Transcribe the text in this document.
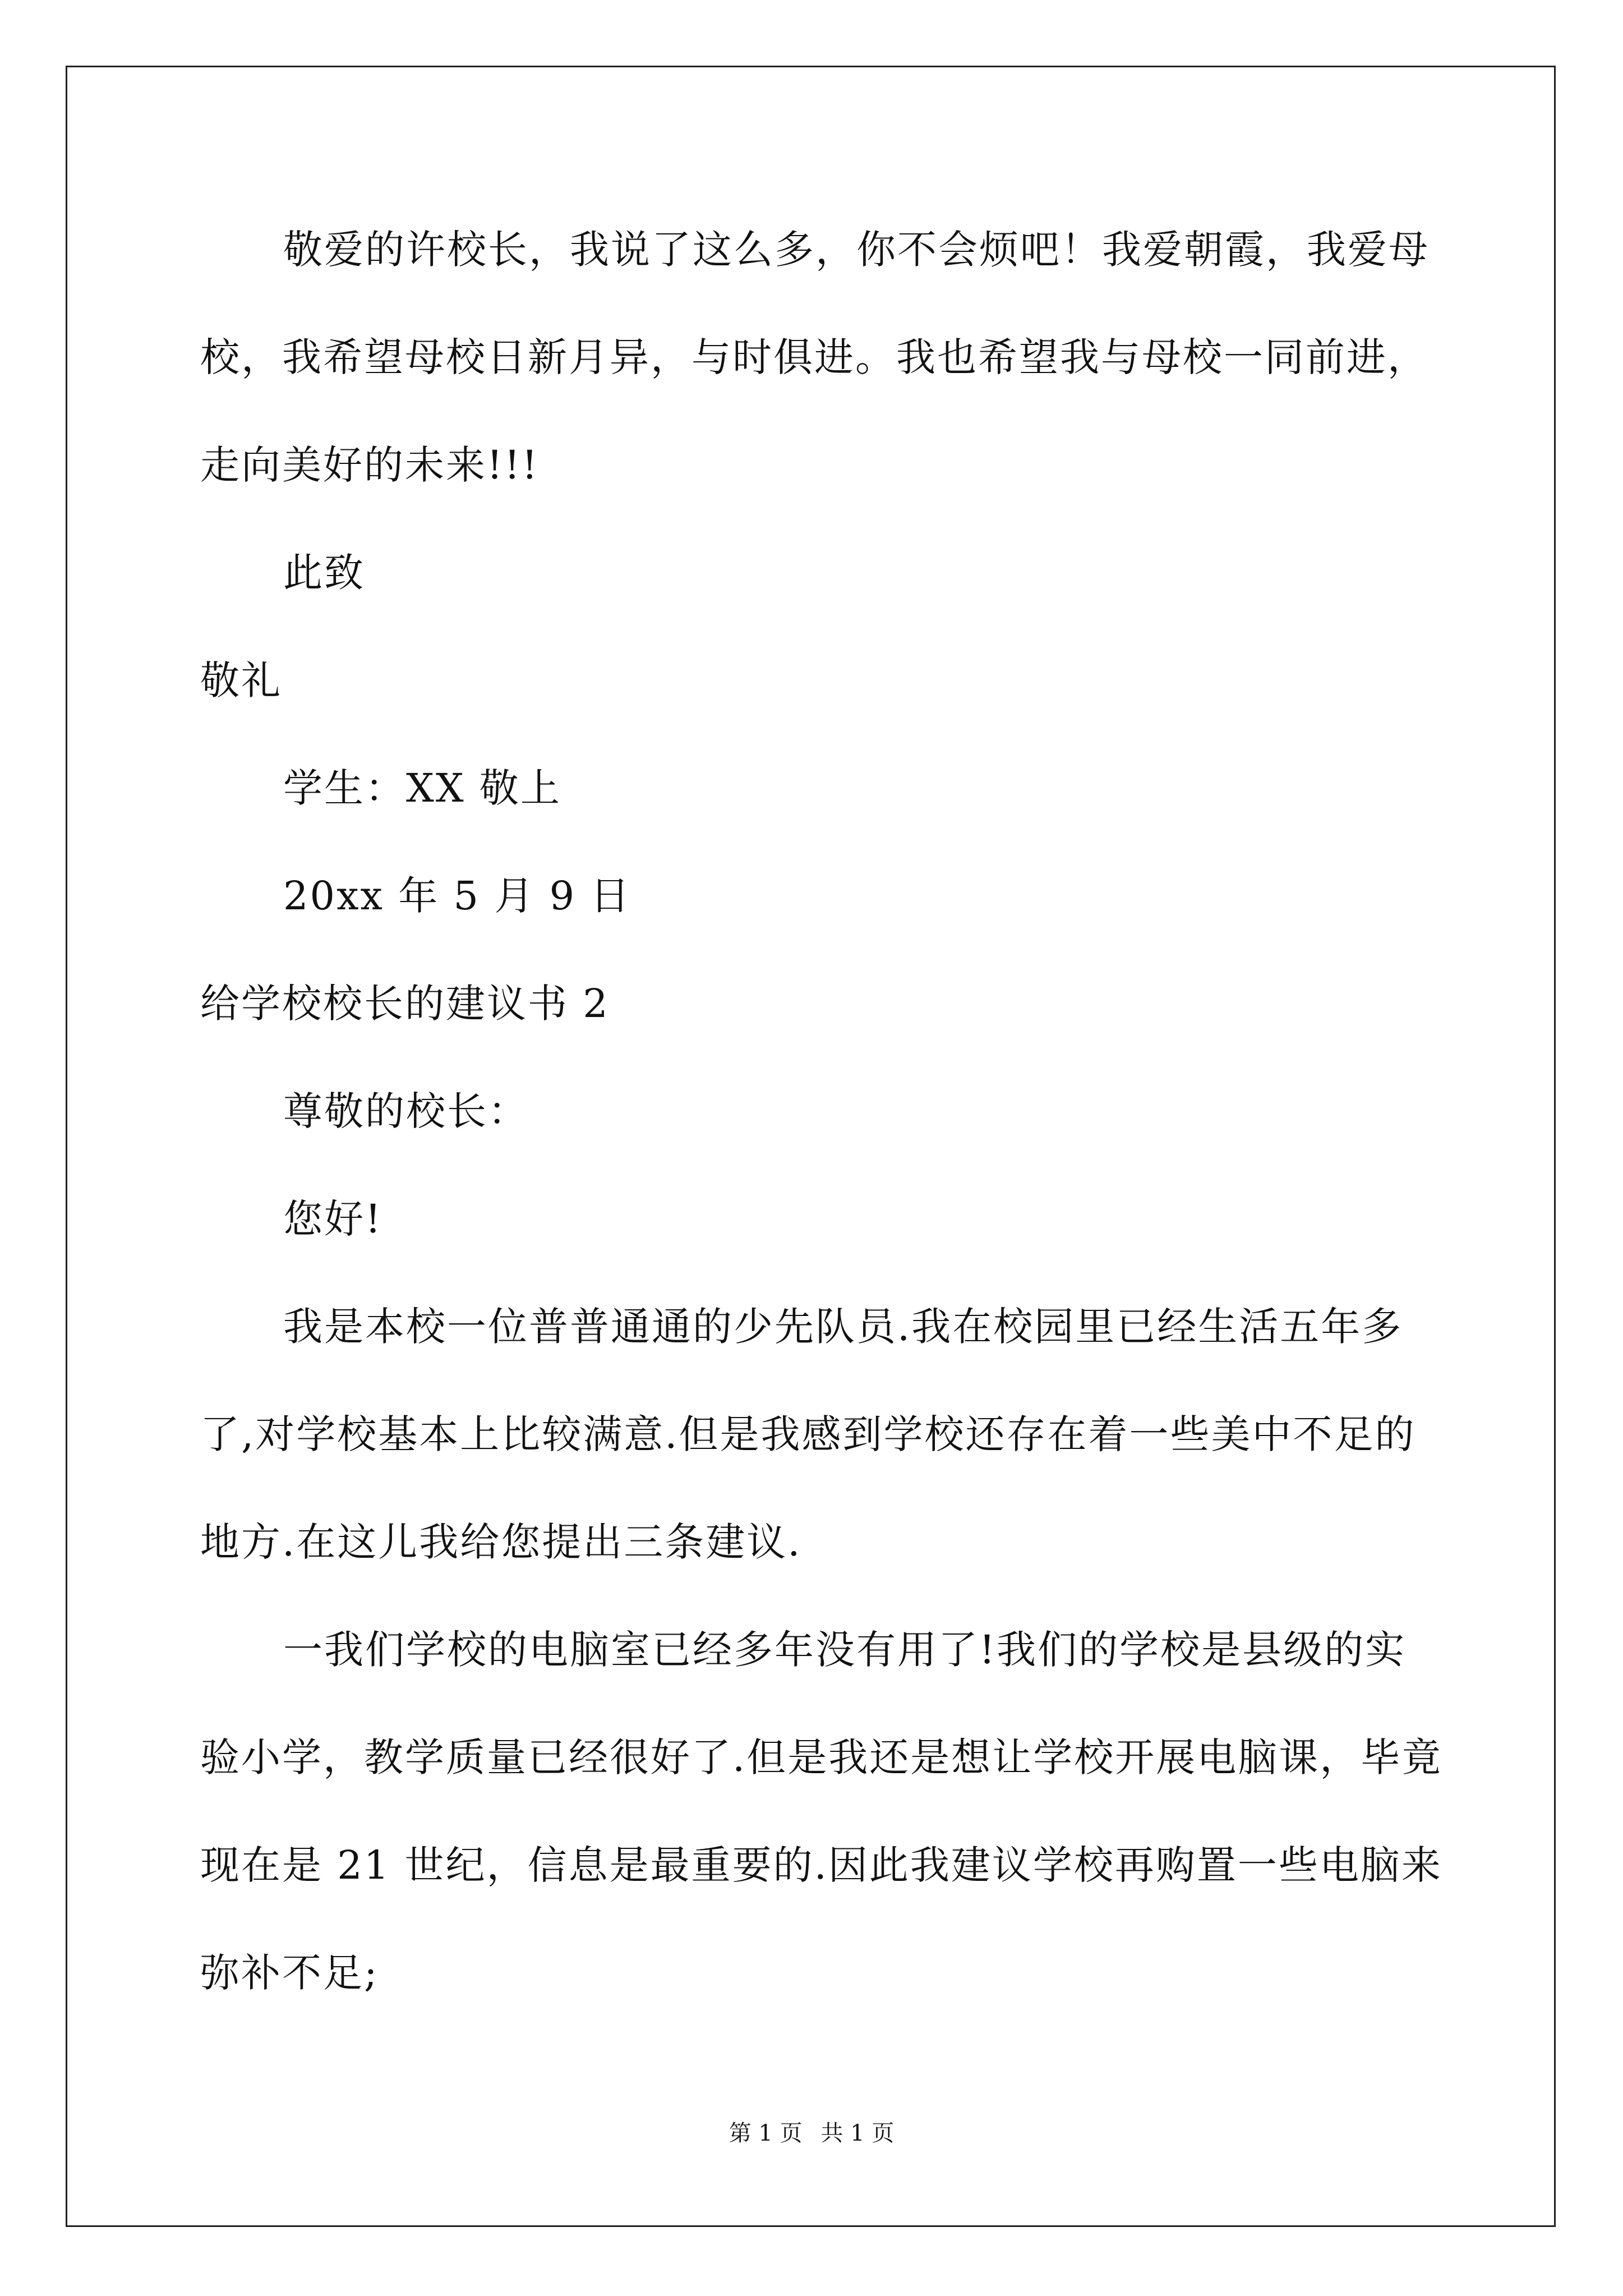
敬爱的许校长，我说了这么多，你不会烦吧！我爱朝霞，我爱母
校，我希望母校日新月异，与时俱进。我也希望我与母校一同前进，
走向美好的未来!!!
此致
敬礼
学生：XX 敬上
20xx 年 5 月 9 日
给学校校长的建议书 2
尊敬的校长：
您好!
我是本校一位普普通通的少先队员.我在校园里已经生活五年多
了,对学校基本上比较满意.但是我感到学校还存在着一些美中不足的
地方.在这儿我给您提出三条建议.
一我们学校的电脑室已经多年没有用了!我们的学校是县级的实
验小学，教学质量已经很好了.但是我还是想让学校开展电脑课，毕竟
现在是 21 世纪，信息是最重要的.因此我建议学校再购置一些电脑来
弥补不足;
第 1 页 共 1 页
